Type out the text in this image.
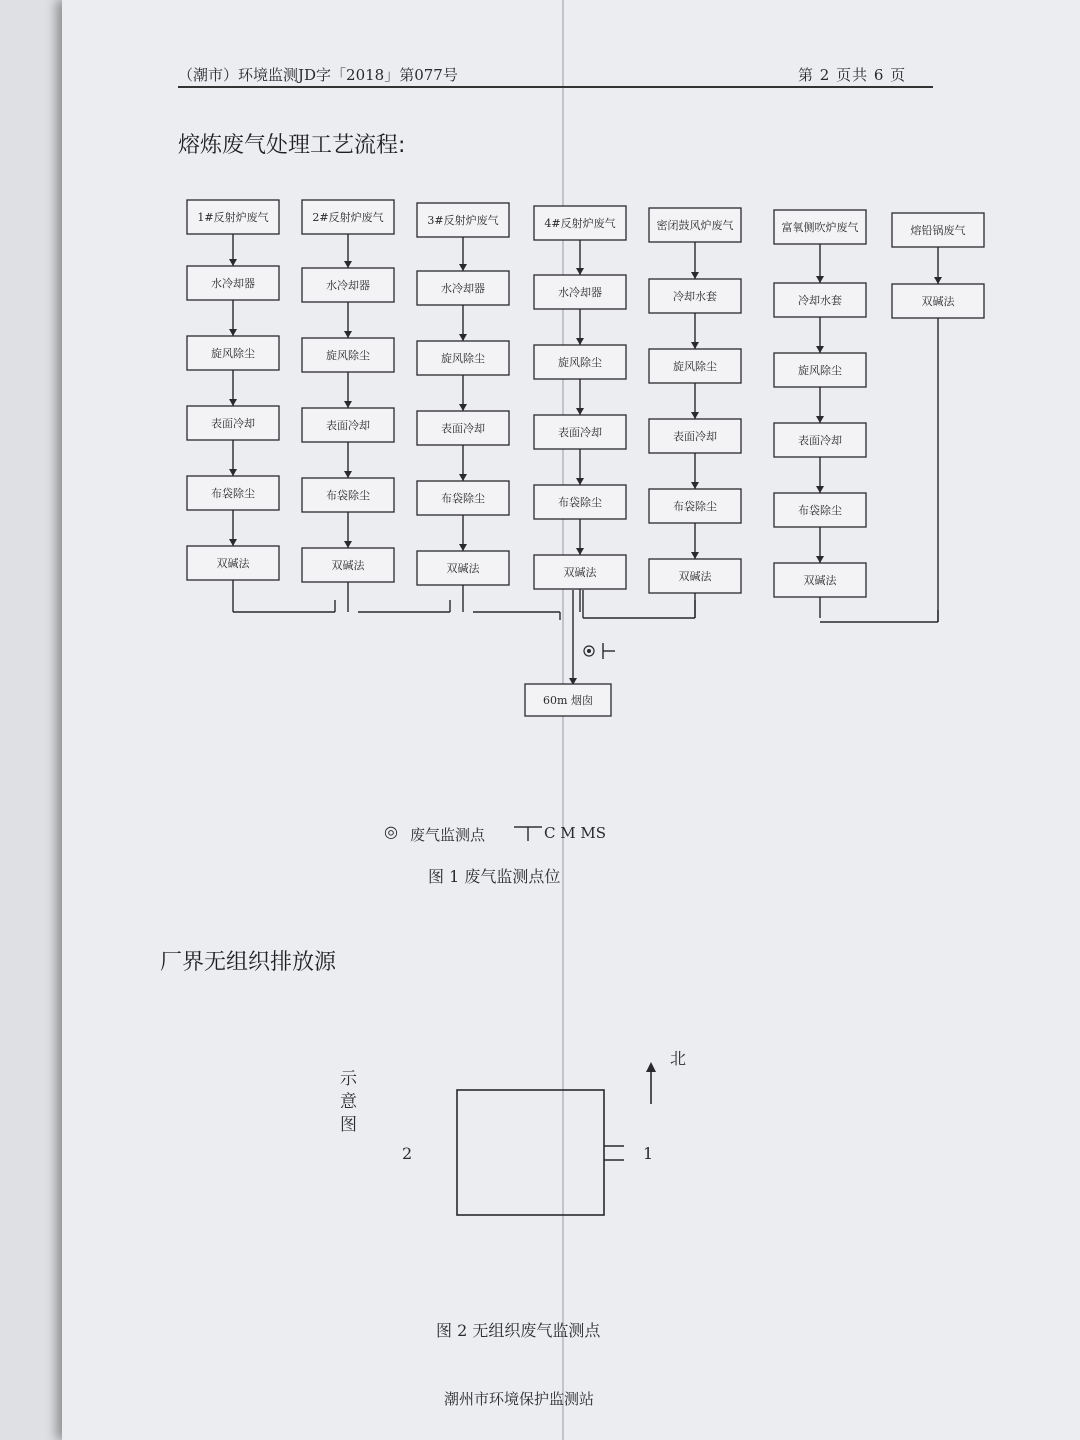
（潮市）环境监测JD字「2018」第077号	第 2 页共 6 页
熔炼废气处理工艺流程:
1#反射炉废气
水冷却器
旋风除尘
表面冷却
布袋除尘
双碱法
2#反射炉废气
水冷却器
旋风除尘
表面冷却
布袋除尘
双碱法
3#反射炉废气
水冷却器
旋风除尘
表面冷却
布袋除尘
双碱法
4#反射炉废气
水冷却器
旋风除尘
表面冷却
布袋除尘
双碱法
密闭鼓风炉废气
冷却水套
旋风除尘
表面冷却
布袋除尘
双碱法
富氧侧吹炉废气
冷却水套
旋风除尘
表面冷却
布袋除尘
双碱法
熔铅锅废气
双碱法
60m 烟囱
◎ 废气监测点	C M MS
图 1 废气监测点位
厂界无组织排放源
示意图
北
2	1
图 2 无组织废气监测点
潮州市环境保护监测站
